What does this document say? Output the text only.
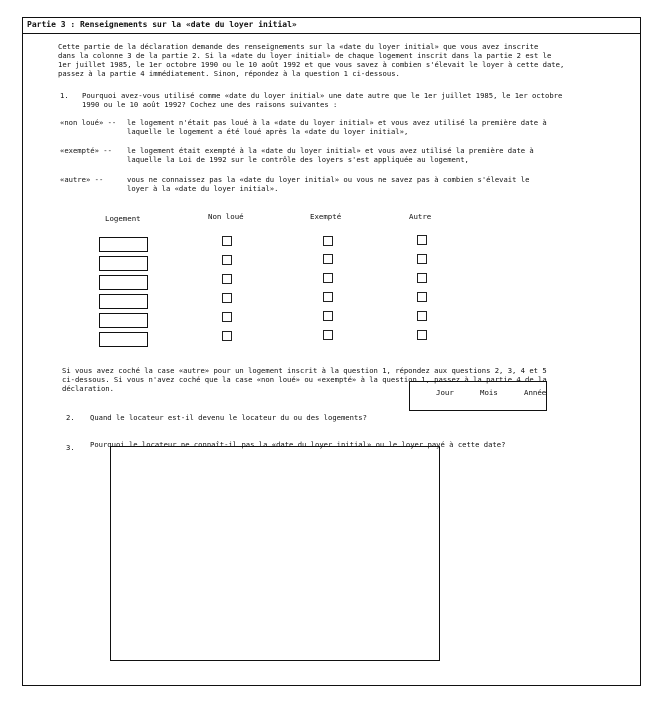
Partie 3 : Renseignements sur la «date du loyer initial»
Cette partie de la déclaration demande des renseignements sur la «date du loyer initial» que vous avez inscrite
dans la colonne 3 de la partie 2. Si la «date du loyer initial» de chaque logement inscrit dans la partie 2 est le
1er juillet 1985, le 1er octobre 1990 ou le 10 août 1992 et que vous savez à combien s'élevait le loyer à cette date,
passez à la partie 4 immédiatement. Sinon, répondez à la question 1 ci-dessous.
1. Pourquoi avez-vous utilisé comme «date du loyer initial» une date autre que le 1er juillet 1985, le 1er octobre
1990 ou le 10 août 1992? Cochez une des raisons suivantes :
«non loué» -- le logement n'était pas loué à la «date du loyer initial» et vous avez utilisé la première date à
laquelle le logement a été loué après la «date du loyer initial»,
«exempté» -- le logement était exempté à la «date du loyer initial» et vous avez utilisé la première date à
laquelle la Loi de 1992 sur le contrôle des loyers s'est appliquée au logement,
«autre» --	vous ne connaissez pas la «date du loyer initial» ou vous ne savez pas à combien s'élevait le
loyer à la «date du loyer initial».
Logement	Non loué	Exempté	Autre
Si vous avez coché la case «autre» pour un logement inscrit à la question 1, répondez aux questions 2, 3, 4 et 5
ci-dessous. Si vous n'avez coché que la case «non loué» ou «exempté» à la question 1, passez à la partie 4 de la
déclaration.
2. Quand le locateur est-il devenu le locateur du ou des logements?
Jour	Mois	Année
3. Pourquoi le locateur ne connaît-il pas la «date du loyer initial» ou le loyer payé à cette date?
